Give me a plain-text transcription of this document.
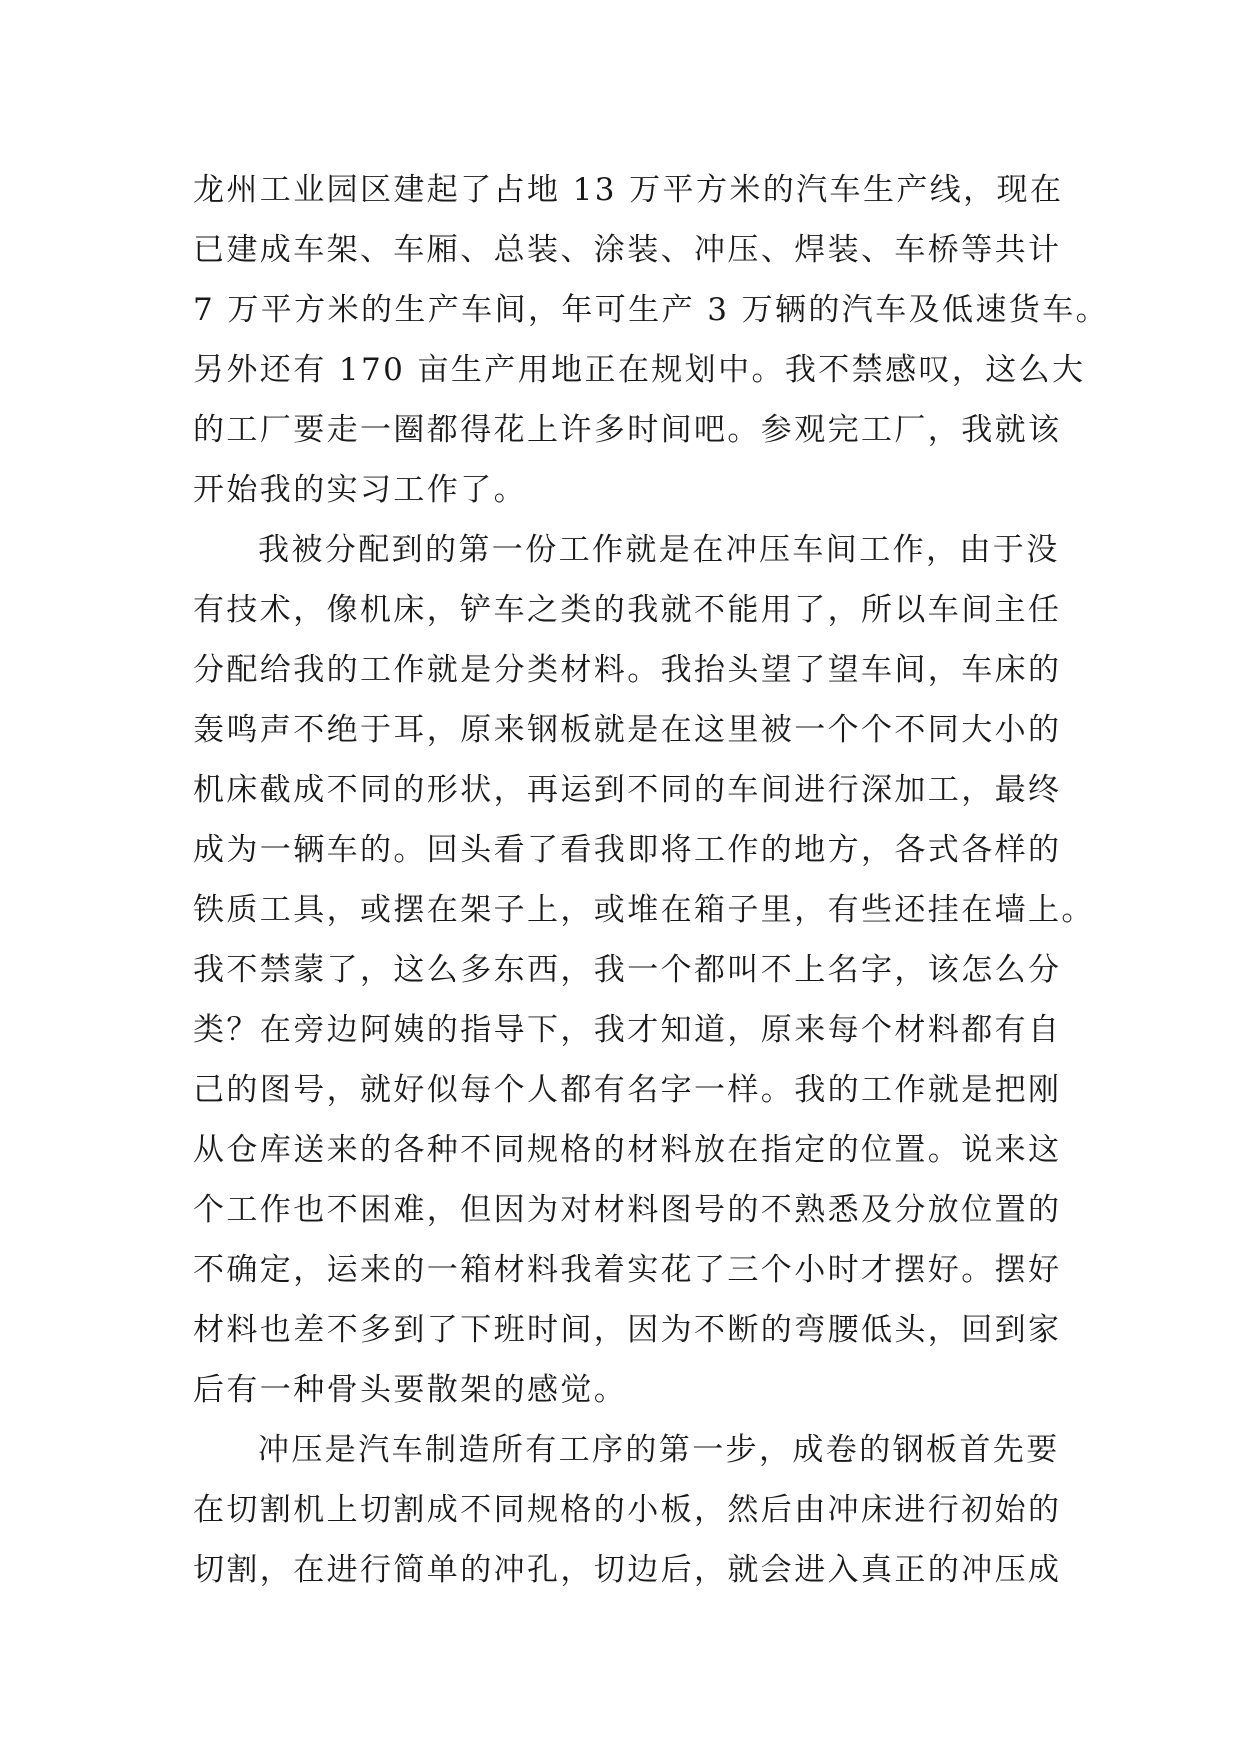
龙州工业园区建起了占地 13 万平方米的汽车生产线，现在
已建成车架、车厢、总装、涂装、冲压、焊装、车桥等共计
7 万平方米的生产车间，年可生产 3 万辆的汽车及低速货车。
另外还有 170 亩生产用地正在规划中。我不禁感叹，这么大
的工厂要走一圈都得花上许多时间吧。参观完工厂，我就该
开始我的实习工作了。
我被分配到的第一份工作就是在冲压车间工作，由于没
有技术，像机床，铲车之类的我就不能用了，所以车间主任
分配给我的工作就是分类材料。我抬头望了望车间，车床的
轰鸣声不绝于耳，原来钢板就是在这里被一个个不同大小的
机床截成不同的形状，再运到不同的车间进行深加工，最终
成为一辆车的。回头看了看我即将工作的地方，各式各样的
铁质工具，或摆在架子上，或堆在箱子里，有些还挂在墙上。
我不禁蒙了，这么多东西，我一个都叫不上名字，该怎么分
类？在旁边阿姨的指导下，我才知道，原来每个材料都有自
己的图号，就好似每个人都有名字一样。我的工作就是把刚
从仓库送来的各种不同规格的材料放在指定的位置。说来这
个工作也不困难，但因为对材料图号的不熟悉及分放位置的
不确定，运来的一箱材料我着实花了三个小时才摆好。摆好
材料也差不多到了下班时间，因为不断的弯腰低头，回到家
后有一种骨头要散架的感觉。
冲压是汽车制造所有工序的第一步，成卷的钢板首先要
在切割机上切割成不同规格的小板，然后由冲床进行初始的
切割，在进行简单的冲孔，切边后，就会进入真正的冲压成
